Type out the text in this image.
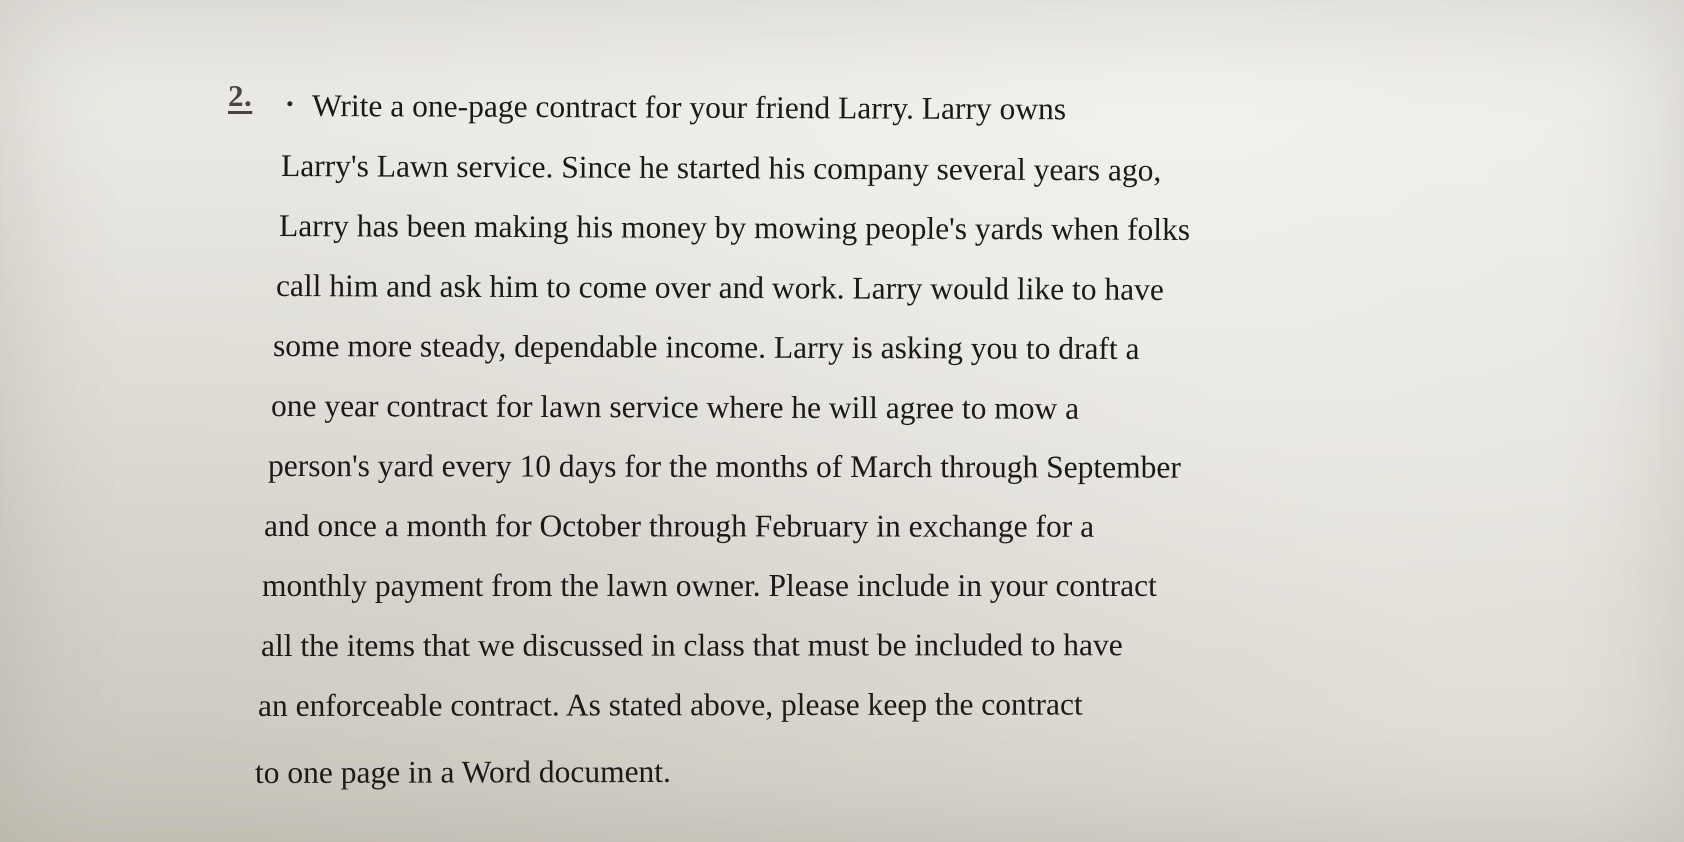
2. . Write a one-page contract for your friend Larry. Larry owns
Larry's Lawn service. Since he started his company several years ago,
Larry has been making his money by mowing people's yards when folks
call him and ask him to come over and work. Larry would like to have
some more steady, dependable income. Larry is asking you to draft a
one year contract for lawn service where he will agree to mow a
person's yard every 10 days for the months of March through September
and once a month for October through February in exchange for a
monthly payment from the lawn owner. Please include in your contract
all the items that we discussed in class that must be included to have
an enforceable contract. As stated above, please keep the contract
to one page in a Word document.
